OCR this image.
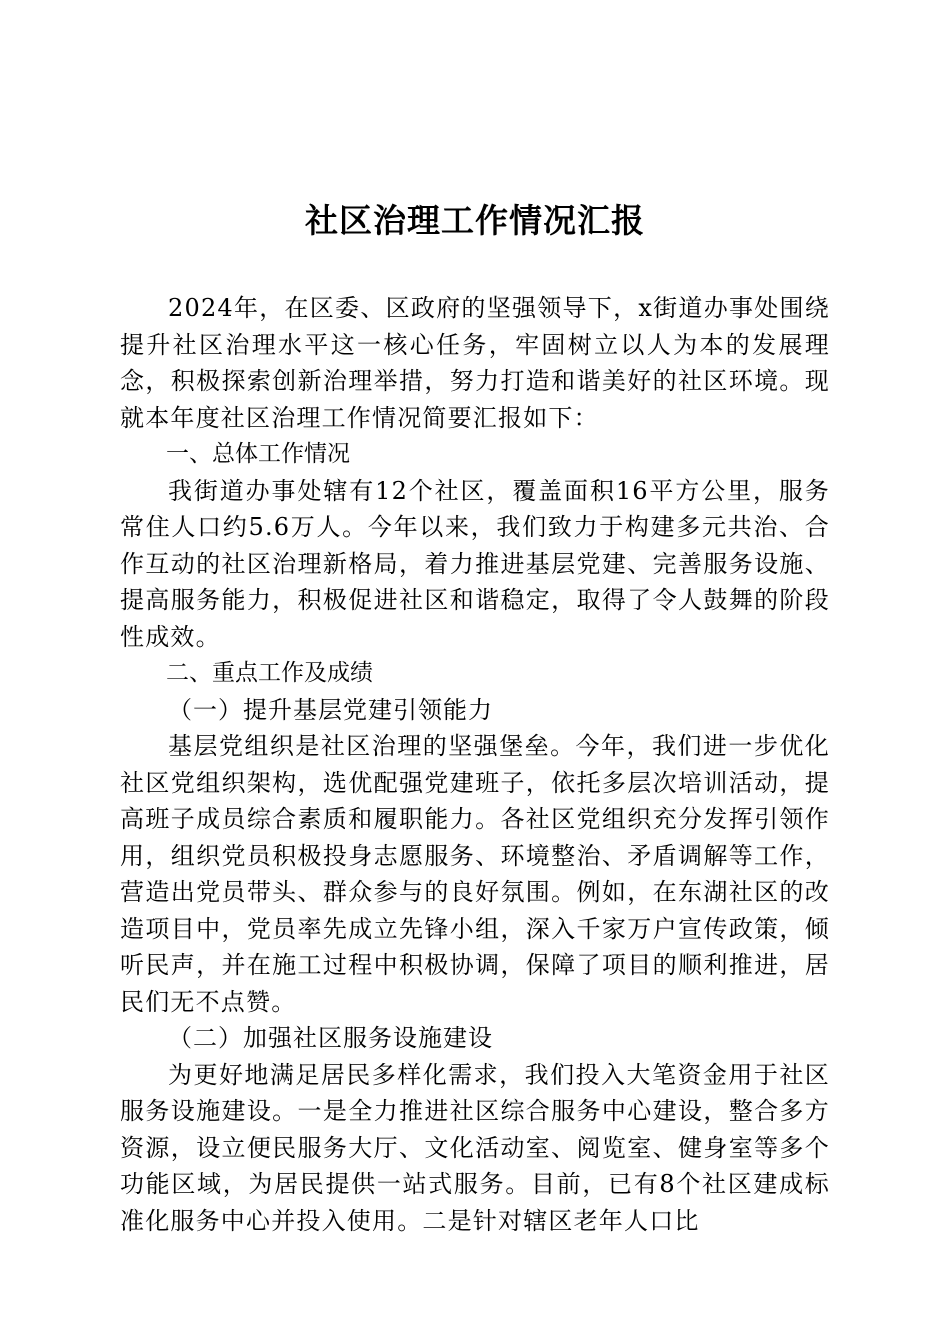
社区治理工作情况汇报

2024年，在区委、区政府的坚强领导下，x街道办事处围绕提升社区治理水平这一核心任务，牢固树立以人为本的发展理念，积极探索创新治理举措，努力打造和谐美好的社区环境。现就本年度社区治理工作情况简要汇报如下：

一、总体工作情况

我街道办事处辖有12个社区，覆盖面积16平方公里，服务常住人口约5.6万人。今年以来，我们致力于构建多元共治、合作互动的社区治理新格局，着力推进基层党建、完善服务设施、提高服务能力，积极促进社区和谐稳定，取得了令人鼓舞的阶段性成效。

二、重点工作及成绩

（一）提升基层党建引领能力

基层党组织是社区治理的坚强堡垒。今年，我们进一步优化社区党组织架构，选优配强党建班子，依托多层次培训活动，提高班子成员综合素质和履职能力。各社区党组织充分发挥引领作用，组织党员积极投身志愿服务、环境整治、矛盾调解等工作，营造出党员带头、群众参与的良好氛围。例如，在东湖社区的改造项目中，党员率先成立先锋小组，深入千家万户宣传政策，倾听民声，并在施工过程中积极协调，保障了项目的顺利推进，居民们无不点赞。

（二）加强社区服务设施建设

为更好地满足居民多样化需求，我们投入大笔资金用于社区服务设施建设。一是全力推进社区综合服务中心建设，整合多方资源，设立便民服务大厅、文化活动室、阅览室、健身室等多个功能区域，为居民提供一站式服务。目前，已有8个社区建成标准化服务中心并投入使用。二是针对辖区老年人口比
